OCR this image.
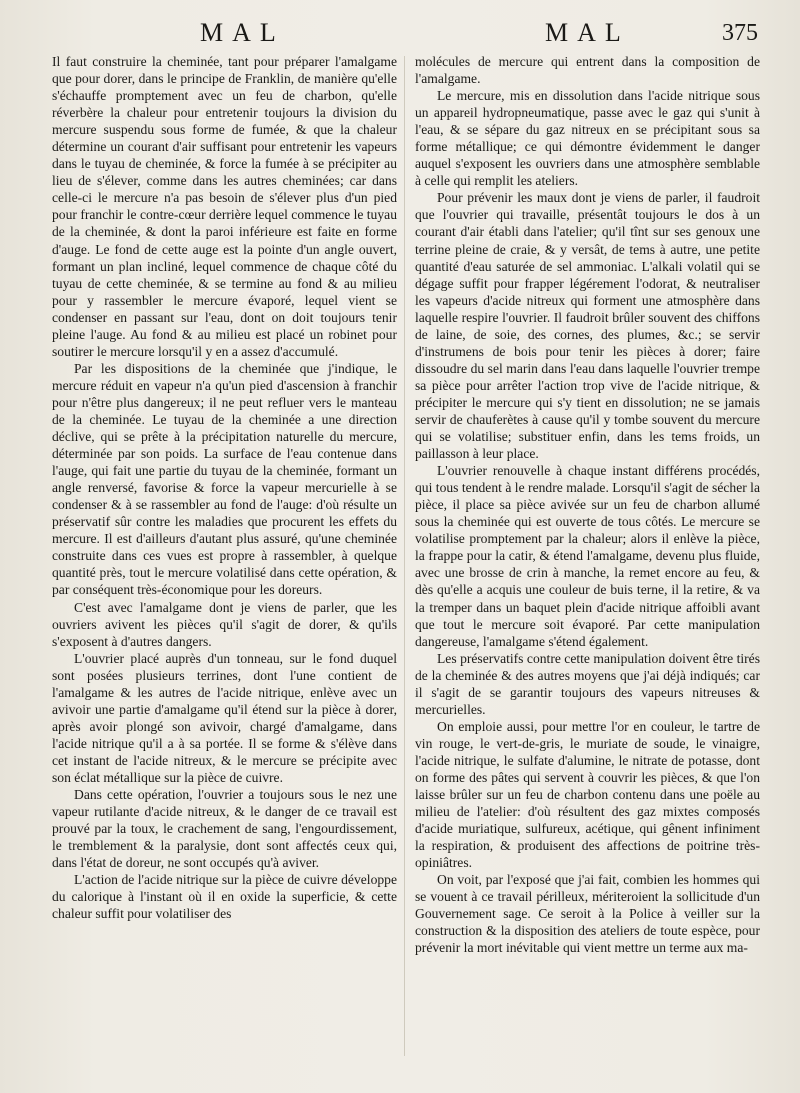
MAL	MAL	375

Il faut construire la cheminée, tant pour préparer l'amalgame que pour dorer, dans le principe de Franklin, de manière qu'elle s'échauffe promptement avec un feu de charbon, qu'elle réverbère la chaleur pour entretenir toujours la division du mercure suspendu sous forme de fumée, & que la chaleur détermine un courant d'air suffisant pour entretenir les vapeurs dans le tuyau de cheminée, & force la fumée à se précipiter au lieu de s'élever, comme dans les autres cheminées; car dans celle-ci le mercure n'a pas besoin de s'élever plus d'un pied pour franchir le contre-cœur derrière lequel commence le tuyau de la cheminée, & dont la paroi inférieure est faite en forme d'auge. Le fond de cette auge est la pointe d'un angle ouvert, formant un plan incliné, lequel commence de chaque côté du tuyau de cette cheminée, & se termine au fond & au milieu pour y rassembler le mercure évaporé, lequel vient se condenser en passant sur l'eau, dont on doit toujours tenir pleine l'auge. Au fond & au milieu est placé un robinet pour soutirer le mercure lorsqu'il y en a assez d'accumulé.

Par les dispositions de la cheminée que j'indique, le mercure réduit en vapeur n'a qu'un pied d'ascension à franchir pour n'être plus dangereux; il ne peut refluer vers le manteau de la cheminée. Le tuyau de la cheminée a une direction déclive, qui se prête à la précipitation naturelle du mercure, déterminée par son poids. La surface de l'eau contenue dans l'auge, qui fait une partie du tuyau de la cheminée, formant un angle renversé, favorise & force la vapeur mercurielle à se condenser & à se rassembler au fond de l'auge: d'où résulte un préservatif sûr contre les maladies que procurent les effets du mercure. Il est d'ailleurs d'autant plus assuré, qu'une cheminée construite dans ces vues est propre à rassembler, à quelque quantité près, tout le mercure volatilisé dans cette opération, & par conséquent très-économique pour les doreurs.

C'est avec l'amalgame dont je viens de parler, que les ouvriers avivent les pièces qu'il s'agit de dorer, & qu'ils s'exposent à d'autres dangers.

L'ouvrier placé auprès d'un tonneau, sur le fond duquel sont posées plusieurs terrines, dont l'une contient de l'amalgame & les autres de l'acide nitrique, enlève avec un avivoir une partie d'amalgame qu'il étend sur la pièce à dorer, après avoir plongé son avivoir, chargé d'amalgame, dans l'acide nitrique qu'il a à sa portée. Il se forme & s'élève dans cet instant de l'acide nitreux, & le mercure se précipite avec son éclat métallique sur la pièce de cuivre.

Dans cette opération, l'ouvrier a toujours sous le nez une vapeur rutilante d'acide nitreux, & le danger de ce travail est prouvé par la toux, le crachement de sang, l'engourdissement, le tremblement & la paralysie, dont sont affectés ceux qui, dans l'état de doreur, ne sont occupés qu'à aviver.

L'action de l'acide nitrique sur la pièce de cuivre développe du calorique à l'instant où il en oxide la superficie, & cette chaleur suffit pour volatiliser des

molécules de mercure qui entrent dans la composition de l'amalgame.

Le mercure, mis en dissolution dans l'acide nitrique sous un appareil hydropneumatique, passe avec le gaz qui s'unit à l'eau, & se sépare du gaz nitreux en se précipitant sous sa forme métallique; ce qui démontre évidemment le danger auquel s'exposent les ouvriers dans une atmosphère semblable à celle qui remplit les ateliers.

Pour prévenir les maux dont je viens de parler, il faudroit que l'ouvrier qui travaille, présentât toujours le dos à un courant d'air établi dans l'atelier; qu'il tînt sur ses genoux une terrine pleine de craie, & y versât, de tems à autre, une petite quantité d'eau saturée de sel ammoniac. L'alkali volatil qui se dégage suffit pour frapper légérement l'odorat, & neutraliser les vapeurs d'acide nitreux qui forment une atmosphère dans laquelle respire l'ouvrier. Il faudroit brûler souvent des chiffons de laine, de soie, des cornes, des plumes, &c.; se servir d'instrumens de bois pour tenir les pièces à dorer; faire dissoudre du sel marin dans l'eau dans laquelle l'ouvrier trempe sa pièce pour arrêter l'action trop vive de l'acide nitrique, & précipiter le mercure qui s'y tient en dissolution; ne se jamais servir de chauferètes à cause qu'il y tombe souvent du mercure qui se volatilise; substituer enfin, dans les tems froids, un paillasson à leur place.

L'ouvrier renouvelle à chaque instant différens procédés, qui tous tendent à le rendre malade. Lorsqu'il s'agit de sécher la pièce, il place sa pièce avivée sur un feu de charbon allumé sous la cheminée qui est ouverte de tous côtés. Le mercure se volatilise promptement par la chaleur; alors il enlève la pièce, la frappe pour la catir, & étend l'amalgame, devenu plus fluide, avec une brosse de crin à manche, la remet encore au feu, & dès qu'elle a acquis une couleur de buis terne, il la retire, & va la tremper dans un baquet plein d'acide nitrique affoibli avant que tout le mercure soit évaporé. Par cette manipulation dangereuse, l'amalgame s'étend également.

Les préservatifs contre cette manipulation doivent être tirés de la cheminée & des autres moyens que j'ai déjà indiqués; car il s'agit de se garantir toujours des vapeurs nitreuses & mercurielles.

On emploie aussi, pour mettre l'or en couleur, le tartre de vin rouge, le vert-de-gris, le muriate de soude, le vinaigre, l'acide nitrique, le sulfate d'alumine, le nitrate de potasse, dont on forme des pâtes qui servent à couvrir les pièces, & que l'on laisse brûler sur un feu de charbon contenu dans une poële au milieu de l'atelier: d'où résultent des gaz mixtes composés d'acide muriatique, sulfureux, acétique, qui gênent infiniment la respiration, & produisent des affections de poitrine très-opiniâtres.

On voit, par l'exposé que j'ai fait, combien les hommes qui se vouent à ce travail périlleux, mériteroient la sollicitude d'un Gouvernement sage. Ce seroit à la Police à veiller sur la construction & la disposition des ateliers de toute espèce, pour prévenir la mort inévitable qui vient mettre un terme aux ma-
